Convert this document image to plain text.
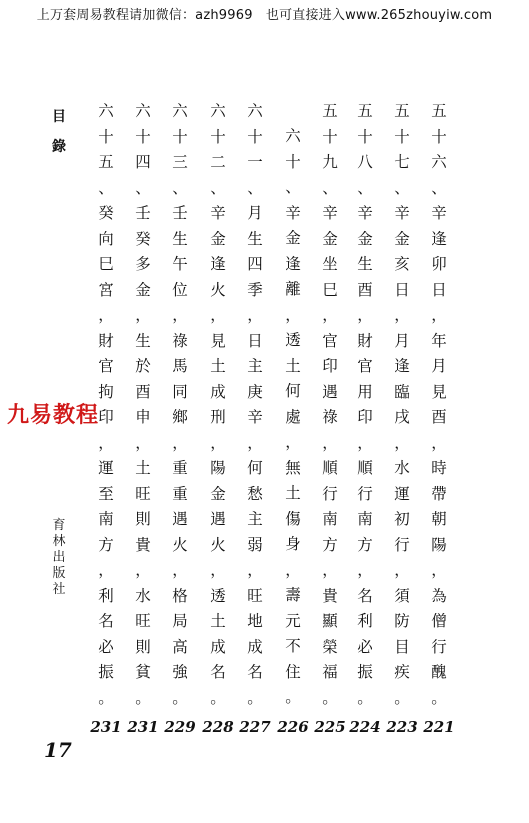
上万套周易教程请加微信：azh9969　也可直接进入www.265zhouyiw.com
目
錄
育
林
出
版
社
17
九易教程
五
十
六
、
辛
逢
卯
日
，
年
月
見
酉
，
時
帶
朝
陽
，
為
僧
行
醜
。
221
五
十
七
、
辛
金
亥
日
，
月
逢
臨
戌
，
水
運
初
行
，
須
防
目
疾
。
223
五
十
八
、
辛
金
生
酉
，
財
官
用
印
，
順
行
南
方
，
名
利
必
振
。
224
五
十
九
、
辛
金
坐
巳
，
官
印
遇
祿
，
順
行
南
方
，
貴
顯
榮
福
。
225
六
十
、
辛
金
逢
離
，
透
土
何
處
，
無
土
傷
身
，
壽
元
不
住
。
226
六
十
一
、
月
生
四
季
，
日
主
庚
辛
，
何
愁
主
弱
，
旺
地
成
名
。
227
六
十
二
、
辛
金
逢
火
，
見
土
成
刑
，
陽
金
遇
火
，
透
土
成
名
。
228
六
十
三
、
壬
生
午
位
，
祿
馬
同
鄉
，
重
重
遇
火
，
格
局
高
強
。
229
六
十
四
、
壬
癸
多
金
，
生
於
酉
申
，
土
旺
則
貴
，
水
旺
則
貧
。
231
六
十
五
、
癸
向
巳
宮
，
財
官
拘
印
，
運
至
南
方
，
利
名
必
振
。
231
